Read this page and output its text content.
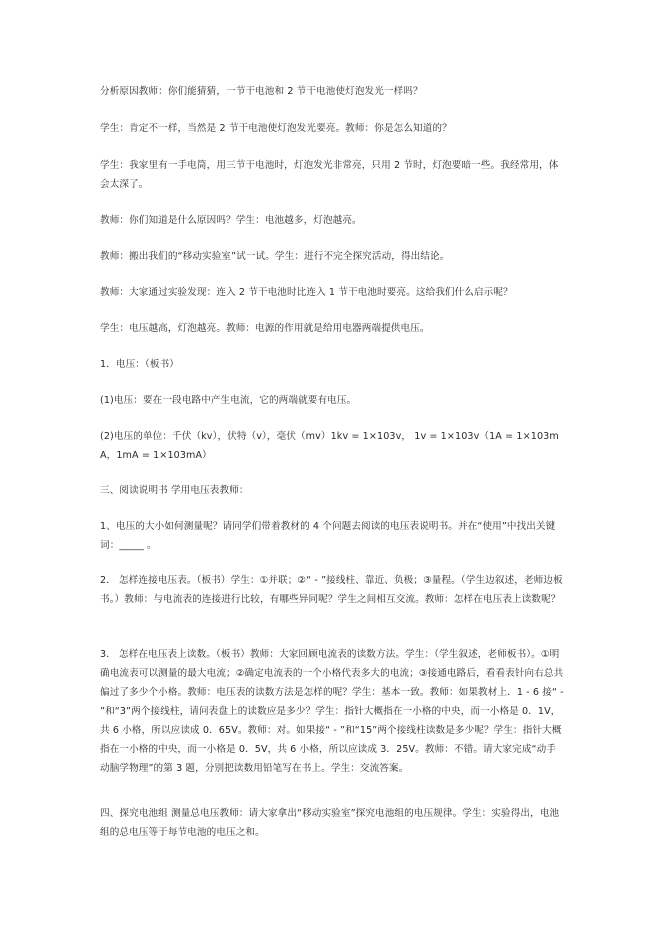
分析原因教师：你们能猜猜，一节干电池和 2 节干电池使灯泡发光一样吗？

学生：肯定不一样，当然是 2 节干电池使灯泡发光要亮。教师：你是怎么知道的？

学生：我家里有一手电筒，用三节干电池时，灯泡发光非常亮，只用 2 节时，灯泡要暗一些。我经常用，体会太深了。

教师：你们知道是什么原因吗？学生：电池越多，灯泡越亮。

教师：搬出我们的“移动实验室”试一试。学生：进行不完全探究活动，得出结论。

教师：大家通过实验发现：连入 2 节干电池时比连入 1 节干电池时要亮。这给我们什么启示呢？

学生：电压越高，灯泡越亮。教师：电源的作用就是给用电器两端提供电压。

1．电压：（板书）

(1)电压：要在一段电路中产生电流，它的两端就要有电压。

(2)电压的单位：千伏（kv），伏特（v），毫伏（mv）1kv = 1×103v， 1v = 1×103v（1A = 1×103mA，1mA = 1×103mA）

三、阅读说明书 学用电压表教师：

1、电压的大小如何测量呢？请同学们带着教材的 4 个问题去阅读的电压表说明书。并在“使用”中找出关键词：_____ 。

2． 怎样连接电压表。（板书）学生：①并联；②“ - ”接线柱、靠近、负极；③量程。（学生边叙述，老师边板书。）教师：与电流表的连接进行比较，有哪些异同呢？学生之间相互交流。教师：怎样在电压表上读数呢？

3． 怎样在电压表上读数。（板书）教师：大家回顾电流表的读数方法。学生：（学生叙述，老师板书）。①明确电流表可以测量的最大电流；②确定电流表的一个小格代表多大的电流；③接通电路后，看看表针向右总共偏过了多少个小格。教师：电压表的读数方法是怎样的呢？学生：基本一致。教师：如果教材上．1 - 6 接“ - ”和“3”两个接线柱，请问表盘上的读数应是多少？学生：指针大概指在一小格的中央，而一小格是 0．1V，共 6 小格，所以应读成 0．65V。教师：对。如果接“ - ”和“15”两个接线柱读数是多少呢？学生：指针大概指在一小格的中央，而一小格是 0．5V，共 6 小格，所以应读成 3．25V。教师：不错。请大家完成“动手动脑学物理”的第 3 题，分别把读数用铅笔写在书上。学生：交流答案。

四、探究电池组 测量总电压教师：请大家拿出“移动实验室”探究电池组的电压规律。学生：实验得出，电池组的总电压等于每节电池的电压之和。
